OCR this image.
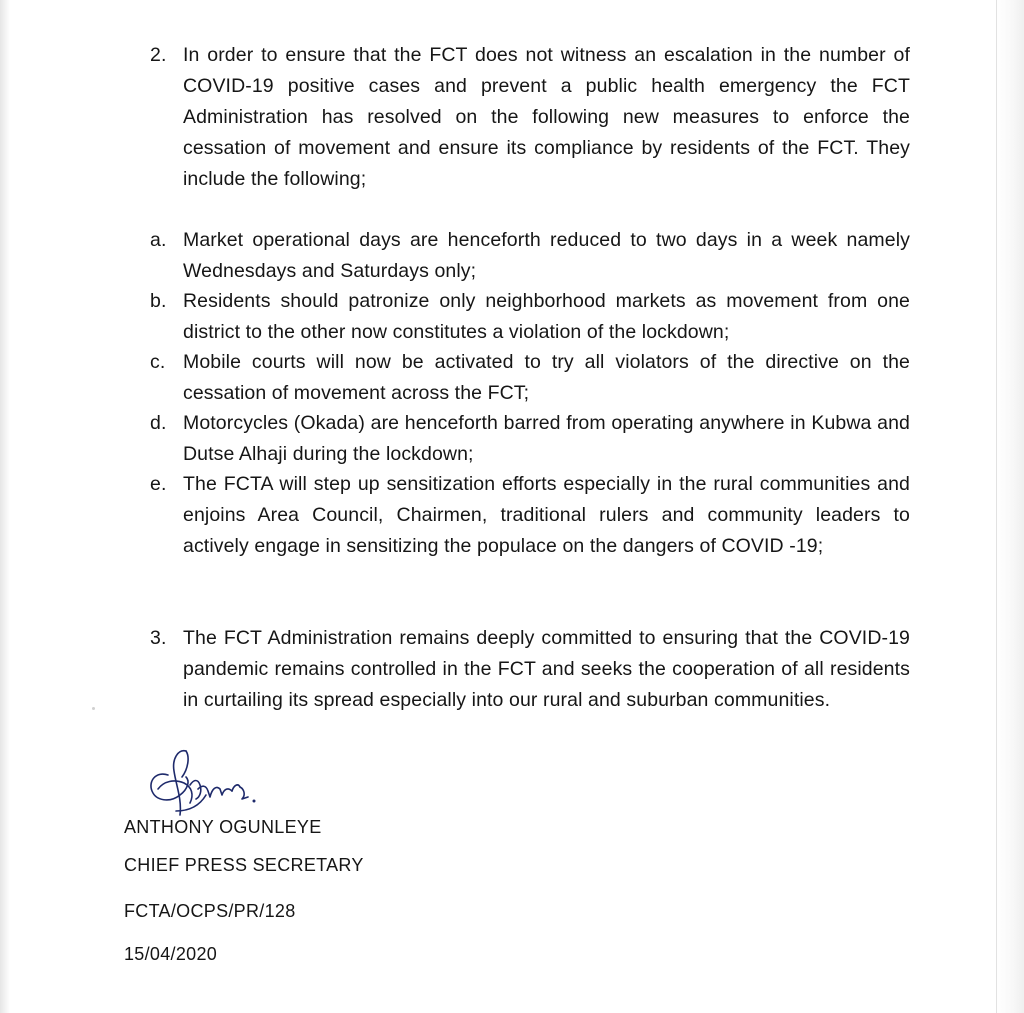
2. In order to ensure that the FCT does not witness an escalation in the number of COVID-19 positive cases and prevent a public health emergency the FCT Administration has resolved on the following new measures to enforce the cessation of movement and ensure its compliance by residents of the FCT. They include the following;
a. Market operational days are henceforth reduced to two days in a week namely Wednesdays and Saturdays only;
b. Residents should patronize only neighborhood markets as movement from one district to the other now constitutes a violation of the lockdown;
c. Mobile courts will now be activated to try all violators of the directive on the cessation of movement across the FCT;
d. Motorcycles (Okada) are henceforth barred from operating anywhere in Kubwa and Dutse Alhaji during the lockdown;
e. The FCTA will step up sensitization efforts especially in the rural communities and enjoins Area Council, Chairmen, traditional rulers and community leaders to actively engage in sensitizing the populace on the dangers of COVID -19;
3. The FCT Administration remains deeply committed to ensuring that the COVID-19 pandemic remains controlled in the FCT and seeks the cooperation of all residents in curtailing its spread especially into our rural and suburban communities.
ANTHONY OGUNLEYE
CHIEF PRESS SECRETARY
FCTA/OCPS/PR/128
15/04/2020
